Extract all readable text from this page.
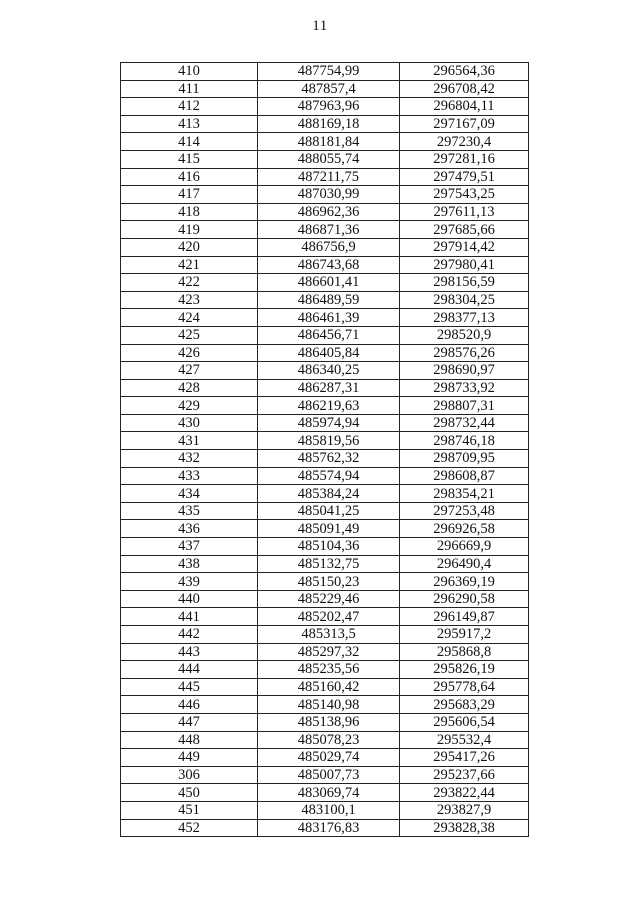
11
410	487754,99	296564,36
411	487857,4	296708,42
412	487963,96	296804,11
413	488169,18	297167,09
414	488181,84	297230,4
415	488055,74	297281,16
416	487211,75	297479,51
417	487030,99	297543,25
418	486962,36	297611,13
419	486871,36	297685,66
420	486756,9	297914,42
421	486743,68	297980,41
422	486601,41	298156,59
423	486489,59	298304,25
424	486461,39	298377,13
425	486456,71	298520,9
426	486405,84	298576,26
427	486340,25	298690,97
428	486287,31	298733,92
429	486219,63	298807,31
430	485974,94	298732,44
431	485819,56	298746,18
432	485762,32	298709,95
433	485574,94	298608,87
434	485384,24	298354,21
435	485041,25	297253,48
436	485091,49	296926,58
437	485104,36	296669,9
438	485132,75	296490,4
439	485150,23	296369,19
440	485229,46	296290,58
441	485202,47	296149,87
442	485313,5	295917,2
443	485297,32	295868,8
444	485235,56	295826,19
445	485160,42	295778,64
446	485140,98	295683,29
447	485138,96	295606,54
448	485078,23	295532,4
449	485029,74	295417,26
306	485007,73	295237,66
450	483069,74	293822,44
451	483100,1	293827,9
452	483176,83	293828,38
